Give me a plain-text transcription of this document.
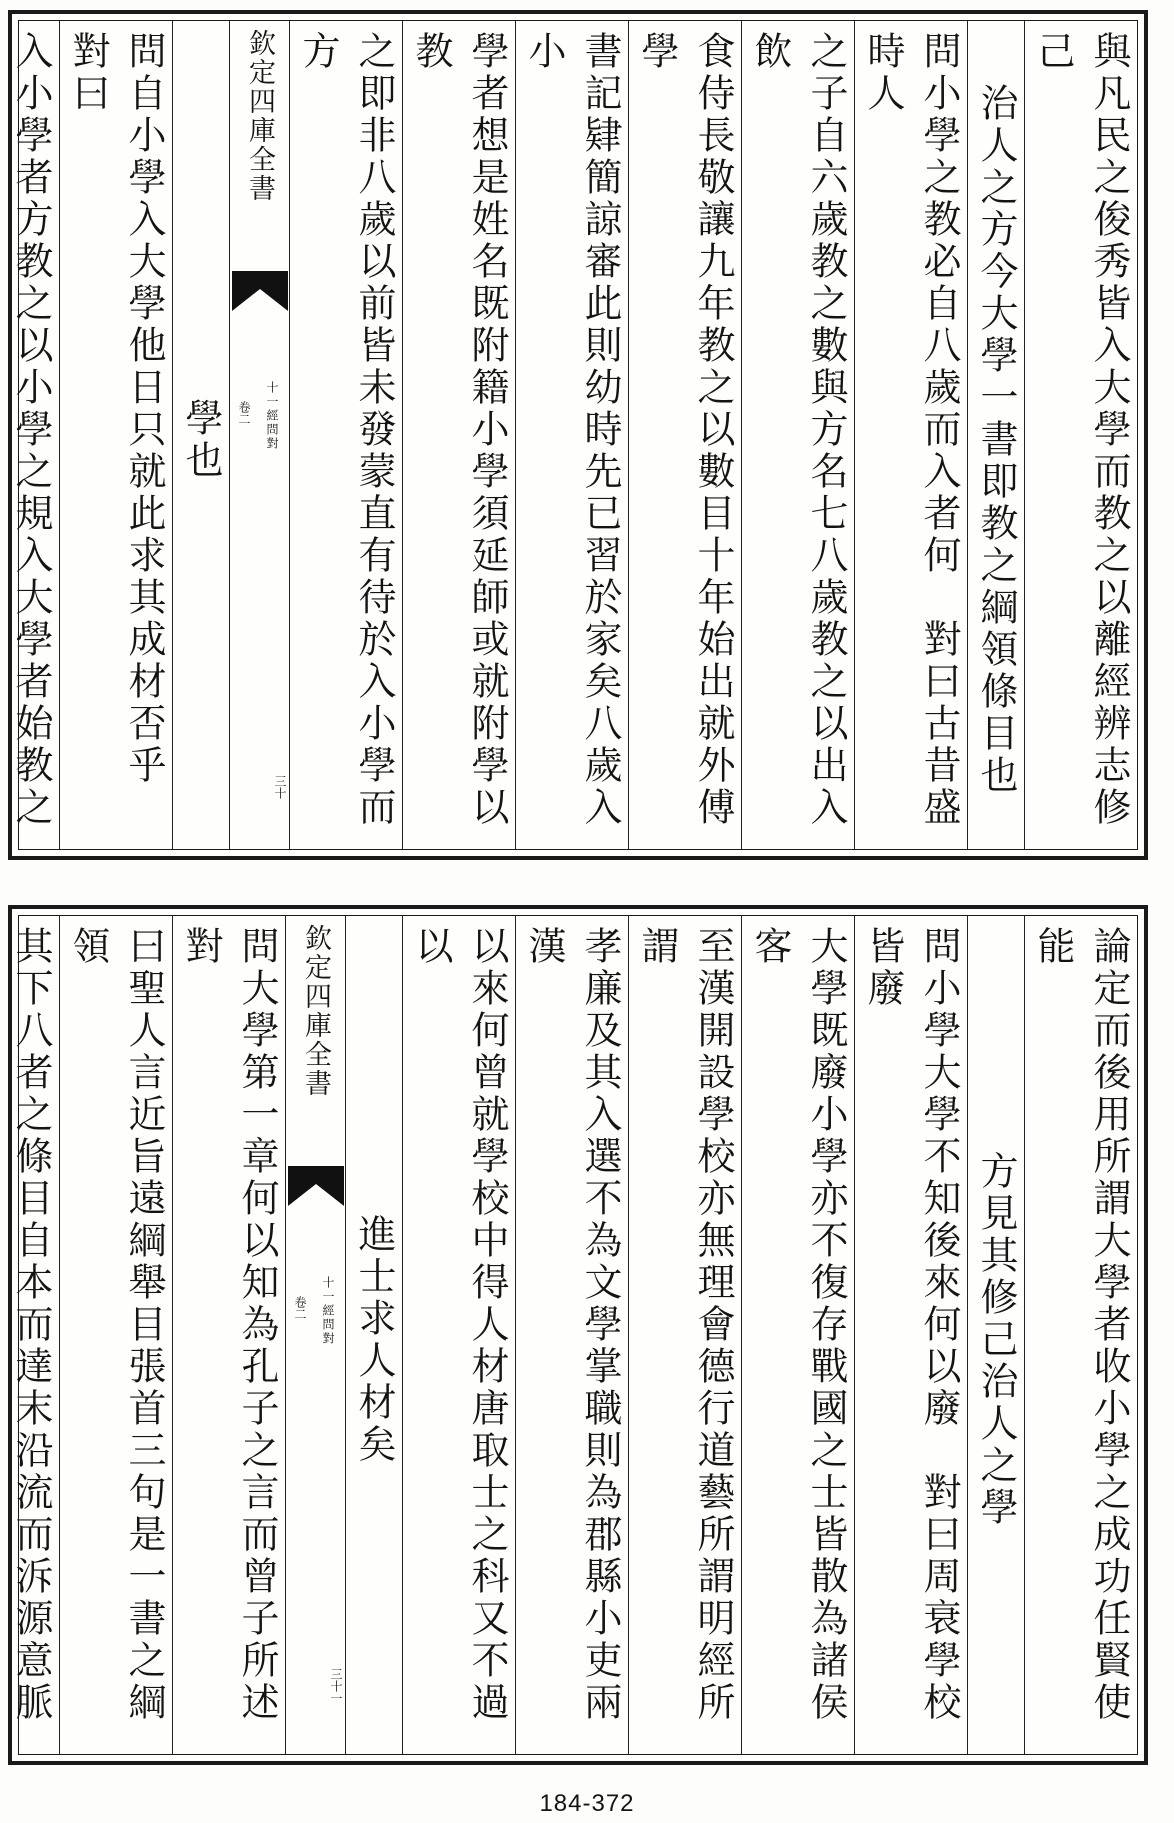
與凡民之俊秀皆入大學而教之以離經辨志修己
治人之方今大學一書即教之綱領條目也
問小學之教必自八歲而入者何　對曰古昔盛時人
之子自六歲教之數與方名七八歲教之以出入飲
食侍長敬讓九年教之以數目十年始出就外傅學
書記肄簡諒審此則幼時先已習於家矣八歲入小
學者想是姓名既附籍小學須延師或就附學以教
之即非八歲以前皆未發蒙直有待於入小學而方
欽定四庫全書
十一經問對
卷二
三十
學也
問自小學入大學他日只就此求其成材否乎　對曰
入小學者方教之以小學之規入大學者始教之
論定而後用所謂大學者收小學之成功任賢使能
方見其修己治人之學
問小學大學不知後來何以廢　對曰周衰學校皆廢
大學既廢小學亦不復存戰國之士皆散為諸侯客
至漢開設學校亦無理會德行道藝所謂明經所謂
孝廉及其入選不為文學掌職則為郡縣小吏兩漢
以來何曾就學校中得人材唐取士之科又不過以
進士求人材矣
欽定四庫全書
十一經問對
卷二
三十一
問大學第一章何以知為孔子之言而曾子所述　對
曰聖人言近旨遠綱舉目張首三句是一書之綱領
其下八者之條目自本而達末沿流而泝源意脈
184-372
